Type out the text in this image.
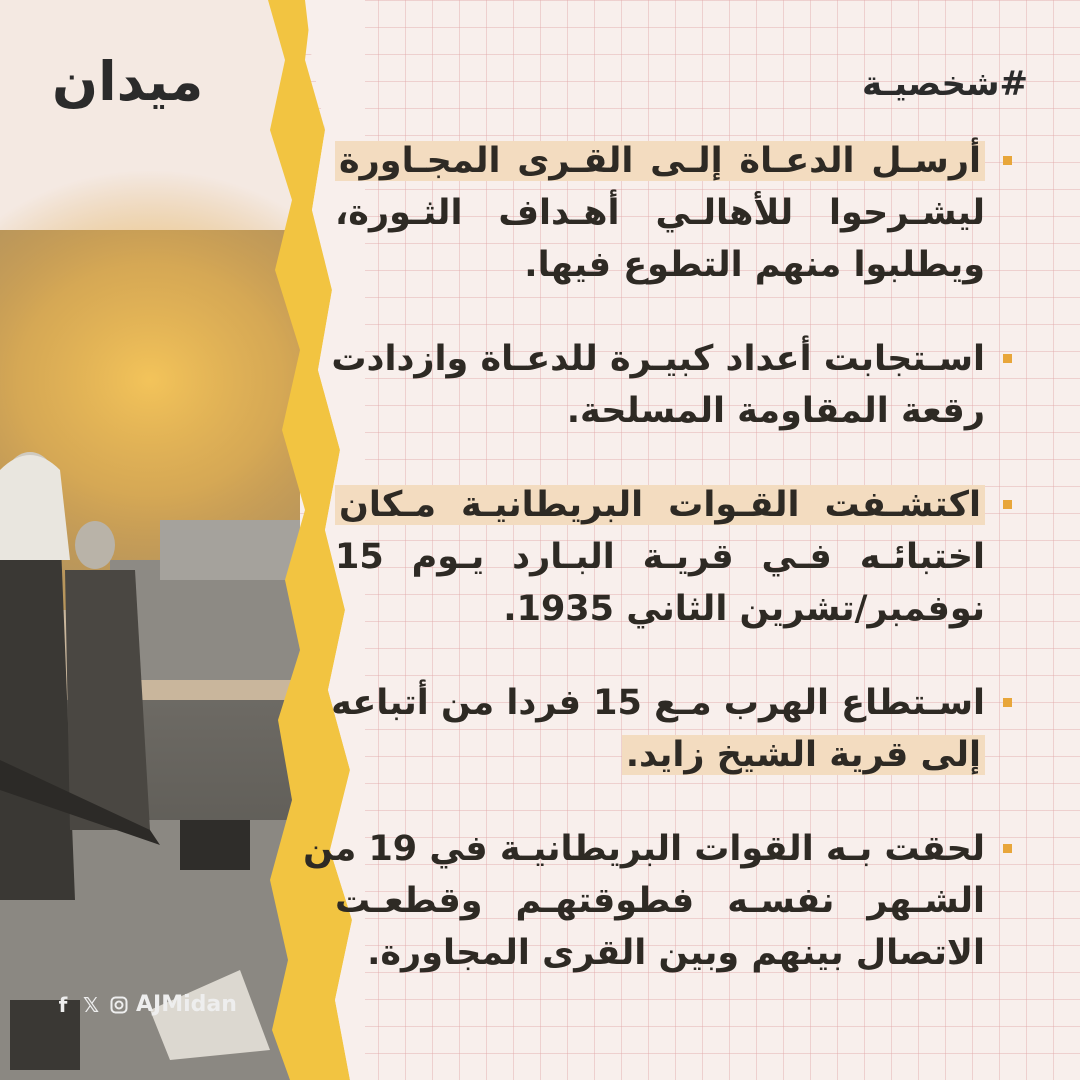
ميدان	#شخصيـة
أرسـل الدعـاة إلـى القـرى المجـاورة
ليشـرحوا للأهالـي أهـداف الثـورة،
ويطلبوا منهم التطوع فيها.
اسـتجابت أعداد كبيـرة للدعـاة وازدادت
رقعة المقاومة المسلحة.
اكتشـفت القـوات البريطانيـة مـكان
اختبائـه فـي قريـة البـارد يـوم 15
نوفمبر/تشرين الثاني 1935.
اسـتطاع الهرب مـع 15 فردا من أتباعه
إلى قرية الشيخ زايد.
لحقت بـه القوات البريطانيـة في 19 من
الشـهر نفسـه فطوقتهـم وقطعـت
الاتصال بينهم وبين القرى المجاورة.
f 𝕏 AJMidan
